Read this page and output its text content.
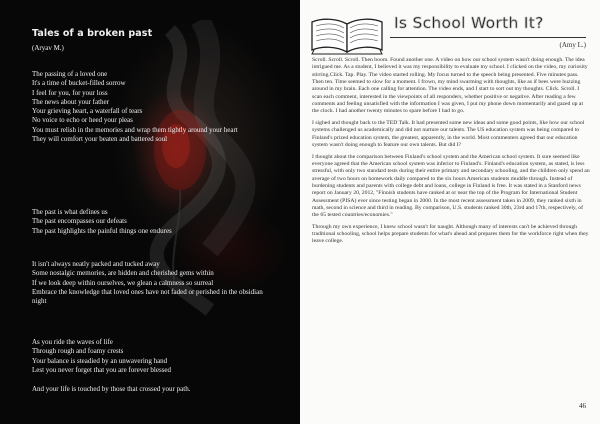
Tales of a broken past
(Aryav M.)
The passing of a loved one
It's a time of bucket-filled sorrow
I feel for you, for your loss
The news about your father
Your grieving heart, a waterfall of tears
No voice to echo or heed your pleas
You must relish in the memories and wrap them tightly around your heart
They will comfort your beaten and battered soul
The past is what defines us
The past encompasses our defeats
The past highlights the painful things one endures
It isn't always neatly packed and tucked away
Some nostalgic memories, are hidden and cherished gems within
If we look deep within ourselves, we glean a calmness so surreal
Embrace the knowledge that loved ones have not faded or perished in the obsidian night
As you ride the waves of life
Through rough and foamy crests
Your balance is steadied by an unwavering hand
Lest you never forget that you are forever blessed
And your life is touched by those that crossed your path.
Is School Worth It?
(Amy L.)

Scroll. Scroll. Scroll. Then boom. Found another one. A video on how our school system wasn't doing enough. The idea intrigued me. As a student, I believed it was my responsibility to evaluate my school. I clicked on the video, my curiosity stirring.Click. Tap. Play. The video started rolling. My focus turned to the speech being presented. Five minutes pass. Then ten. Time seemed to slow for a moment. I frown, my mind swarming with thoughts, like as if bees were buzzing around in my brain. Each one calling for attention. The video ends, and I start to sort out my thoughts. Click. Scroll. I scan each comment, interested in the viewpoints of all responders, whether positive or negative. After reading a few comments and feeling unsatisfied with the information I was given, I put my phone down momentarily and gazed up at the clock. I had another twenty minutes to spare before I had to go.

I sighed and thought back to the TED Talk. It had presented some new ideas and some good points, like how our school systems challenged us academically and did not nurture our talents. The US education system was being compared to Finland's prized education system, the greatest, apparently, in the world. Most commenters agreed that our education system wasn't doing enough to feature our own talents. But did I?

I thought about the comparison between Finland's school system and the American school system. It sure seemed like everyone agreed that the American school system was inferior to Finland's. Finland's education system, as stated, is less stressful, with only two standard tests during their entire primary and secondary schooling, and the children only spend an average of two hours on homework daily compared to the six hours American students muddle through. Instead of burdening students and parents with college debt and loans, college in Finland is free. It was stated in a Stanford news report on January 20, 2012, "Finnish students have ranked at or near the top of the Program for International Student Assessment (PISA) ever since testing began in 2000. In the most recent assessment taken in 2009, they ranked sixth in math, second in science and third in reading. By comparison, U.S. students ranked 30th, 23rd and 17th, respectively, of the 65 tested countries/economies."

Through my own experience, I knew school wasn't for naught. Although many of interests can't be achieved through traditional schooling, school helps prepare students for what's ahead and prepares them for the workforce right when they leave college.

46
